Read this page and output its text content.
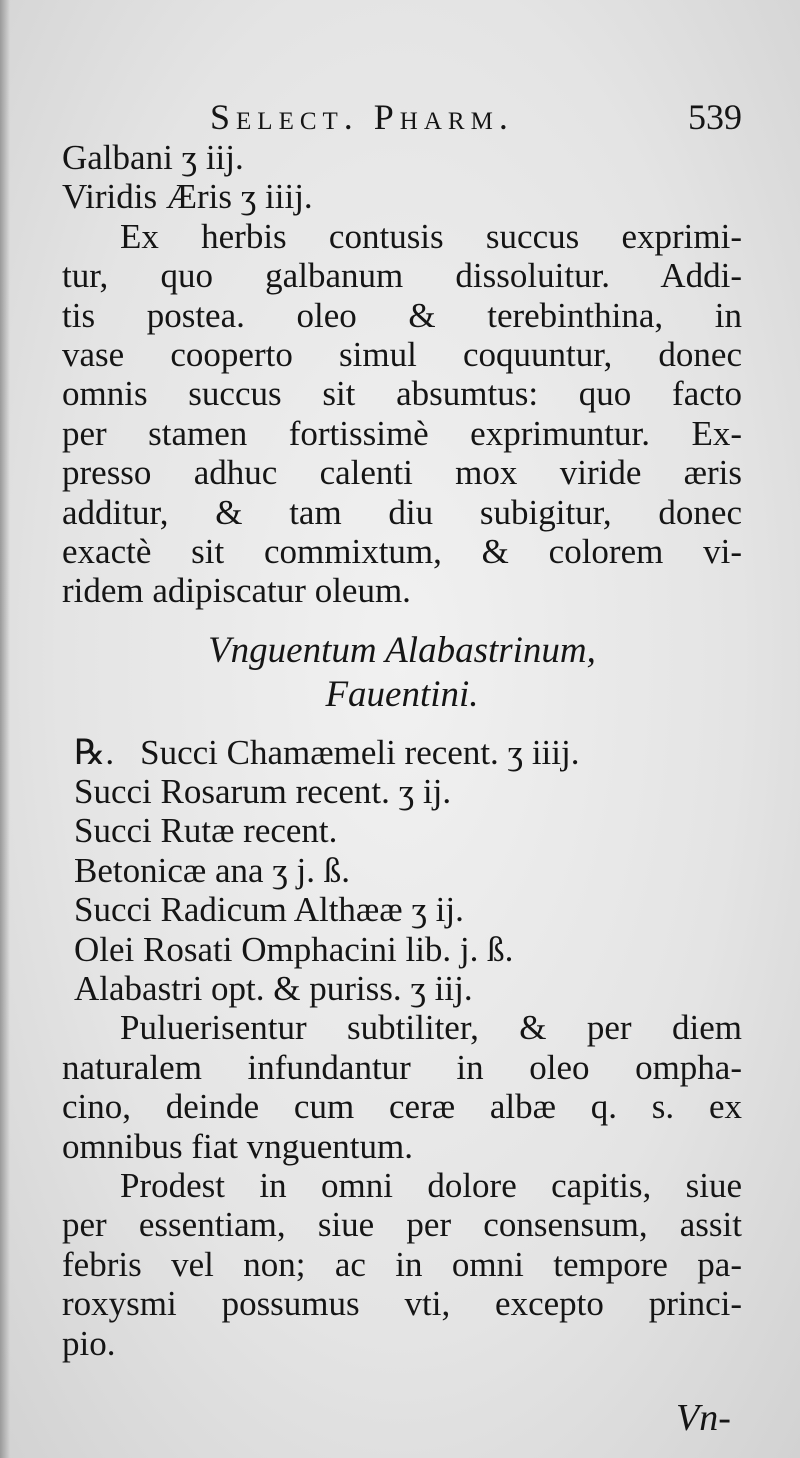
Select. Pharm.	539
Galbani ʒ iij.
Viridis Æris ʒ iiij.
Ex herbis contusis succus exprimi-
tur, quo galbanum dissoluitur. Addi-
tis postea. oleo & terebinthina, in
vase cooperto simul coquuntur, donec
omnis succus sit absumtus: quo facto
per stamen fortissimè exprimuntur. Ex-
presso adhuc calenti mox viride æris
additur, & tam diu subigitur, donec
exactè sit commixtum, & colorem vi-
ridem adipiscatur oleum.
Vnguentum Alabastrinum,
Fauentini.
℞. Succi Chamæmeli recent. ʒ iiij.
Succi Rosarum recent. ʒ ij.
Succi Rutæ recent.
Betonicæ ana ʒ j. ß.
Succi Radicum Althææ ʒ ij.
Olei Rosati Omphacini lib. j. ß.
Alabastri opt. & puriss. ʒ iij.
Puluerisentur subtiliter, & per diem
naturalem infundantur in oleo ompha-
cino, deinde cum ceræ albæ q. s. ex
omnibus fiat vnguentum.
Prodest in omni dolore capitis, siue
per essentiam, siue per consensum, assit
febris vel non; ac in omni tempore pa-
roxysmi possumus vti, excepto princi-
pio.
Vn-
